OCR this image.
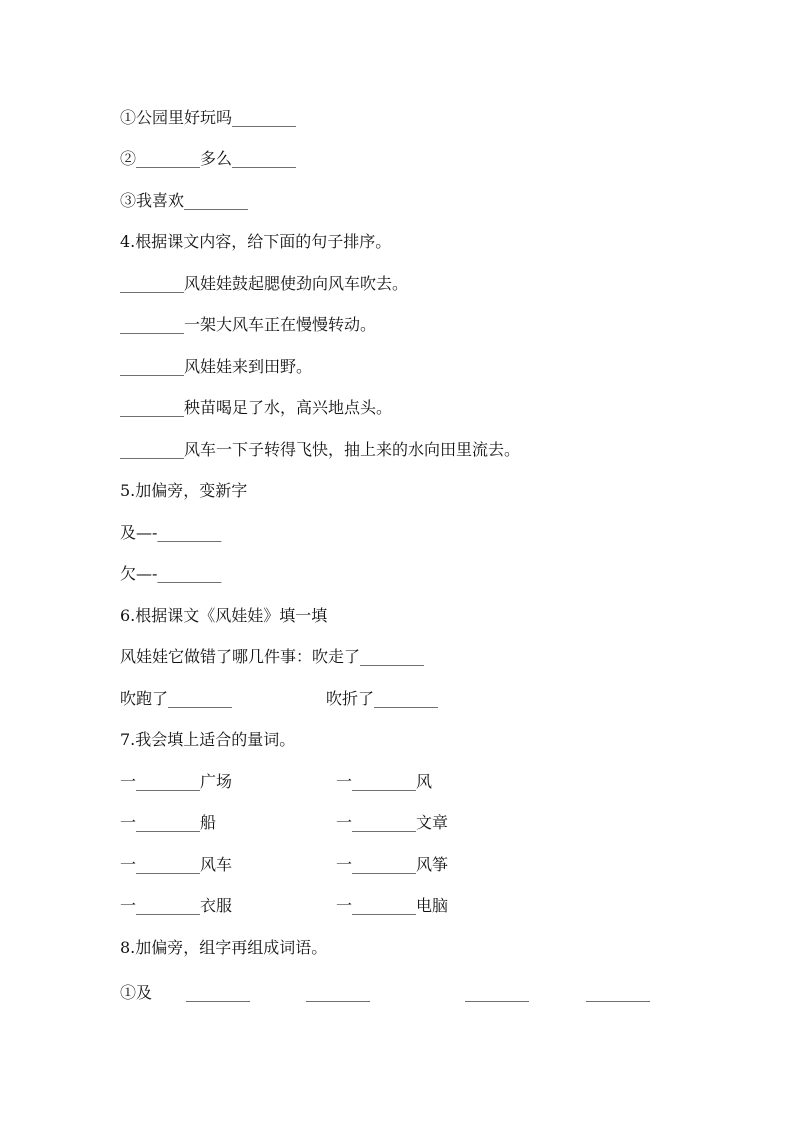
①公园里好玩吗________
②________多么________
③我喜欢________
4.根据课文内容，给下面的句子排序。
________风娃娃鼓起腮使劲向风车吹去。
________一架大风车正在慢慢转动。
________风娃娃来到田野。
________秧苗喝足了水，高兴地点头。
________风车一下子转得飞快，抽上来的水向田里流去。
5.加偏旁，变新字
及—-________
欠—-________
6.根据课文《风娃娃》填一填
风娃娃它做错了哪几件事：吹走了________
吹跑了________	吹折了________
7.我会填上适合的量词。
一________广场	一________风
一________船	一________文章
一________风车	一________风筝
一________衣服	一________电脑
8.加偏旁，组字再组成词语。
①及 ________	________	________	________
